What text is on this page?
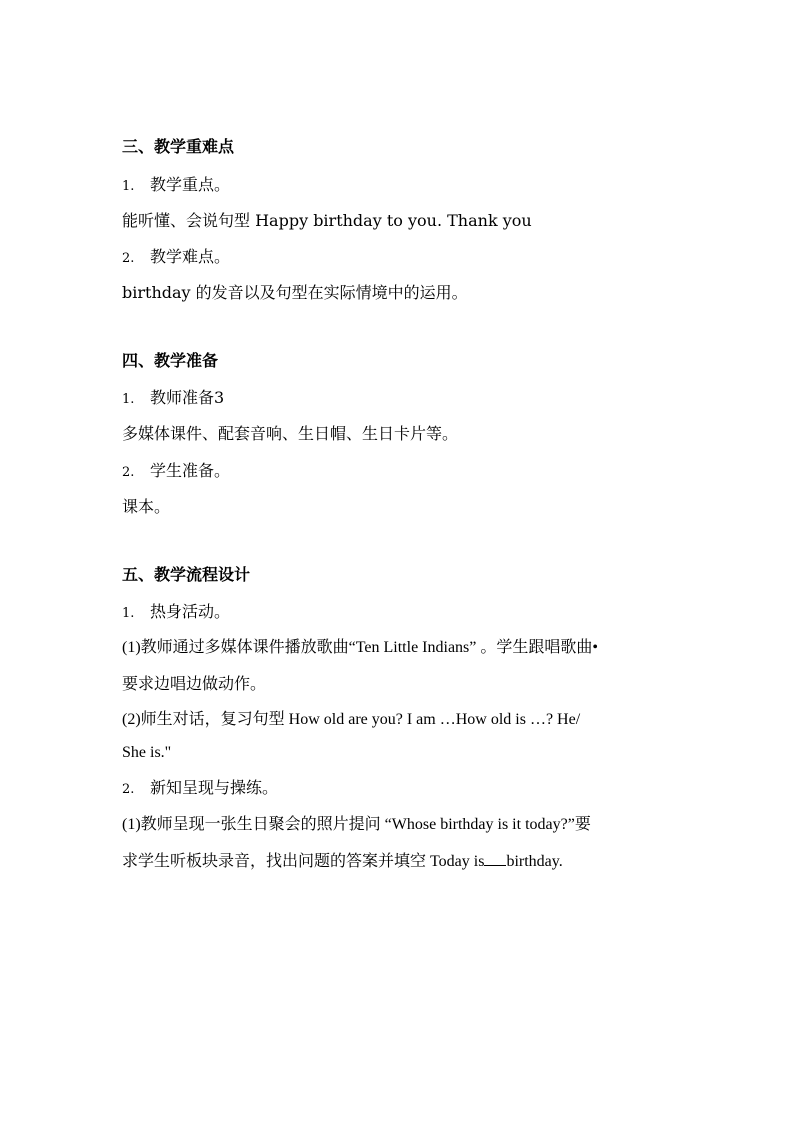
三、教学重难点
1. 教学重点。
能听懂、会说句型 Happy birthday to you. Thank you
2. 教学难点。
birthday 的发音以及句型在实际情境中的运用。
四、教学准备
1. 教师准备3
多媒体课件、配套音响、生日帽、生日卡片等。
2. 学生准备。
课本。
五、教学流程设计
1. 热身活动。
(1)教师通过多媒体课件播放歌曲“Ten Little Indians” 。学生跟唱歌曲•
要求边唱边做动作。
(2)师生对话，复习句型 How old are you? I am …How old is …? He/
She is."
2. 新知呈现与操练。
(1)教师呈现一张生日聚会的照片提问 “Whose birthday is it today?”要
求学生听板块录音，找出问题的答案并填空 Today is birthday.
